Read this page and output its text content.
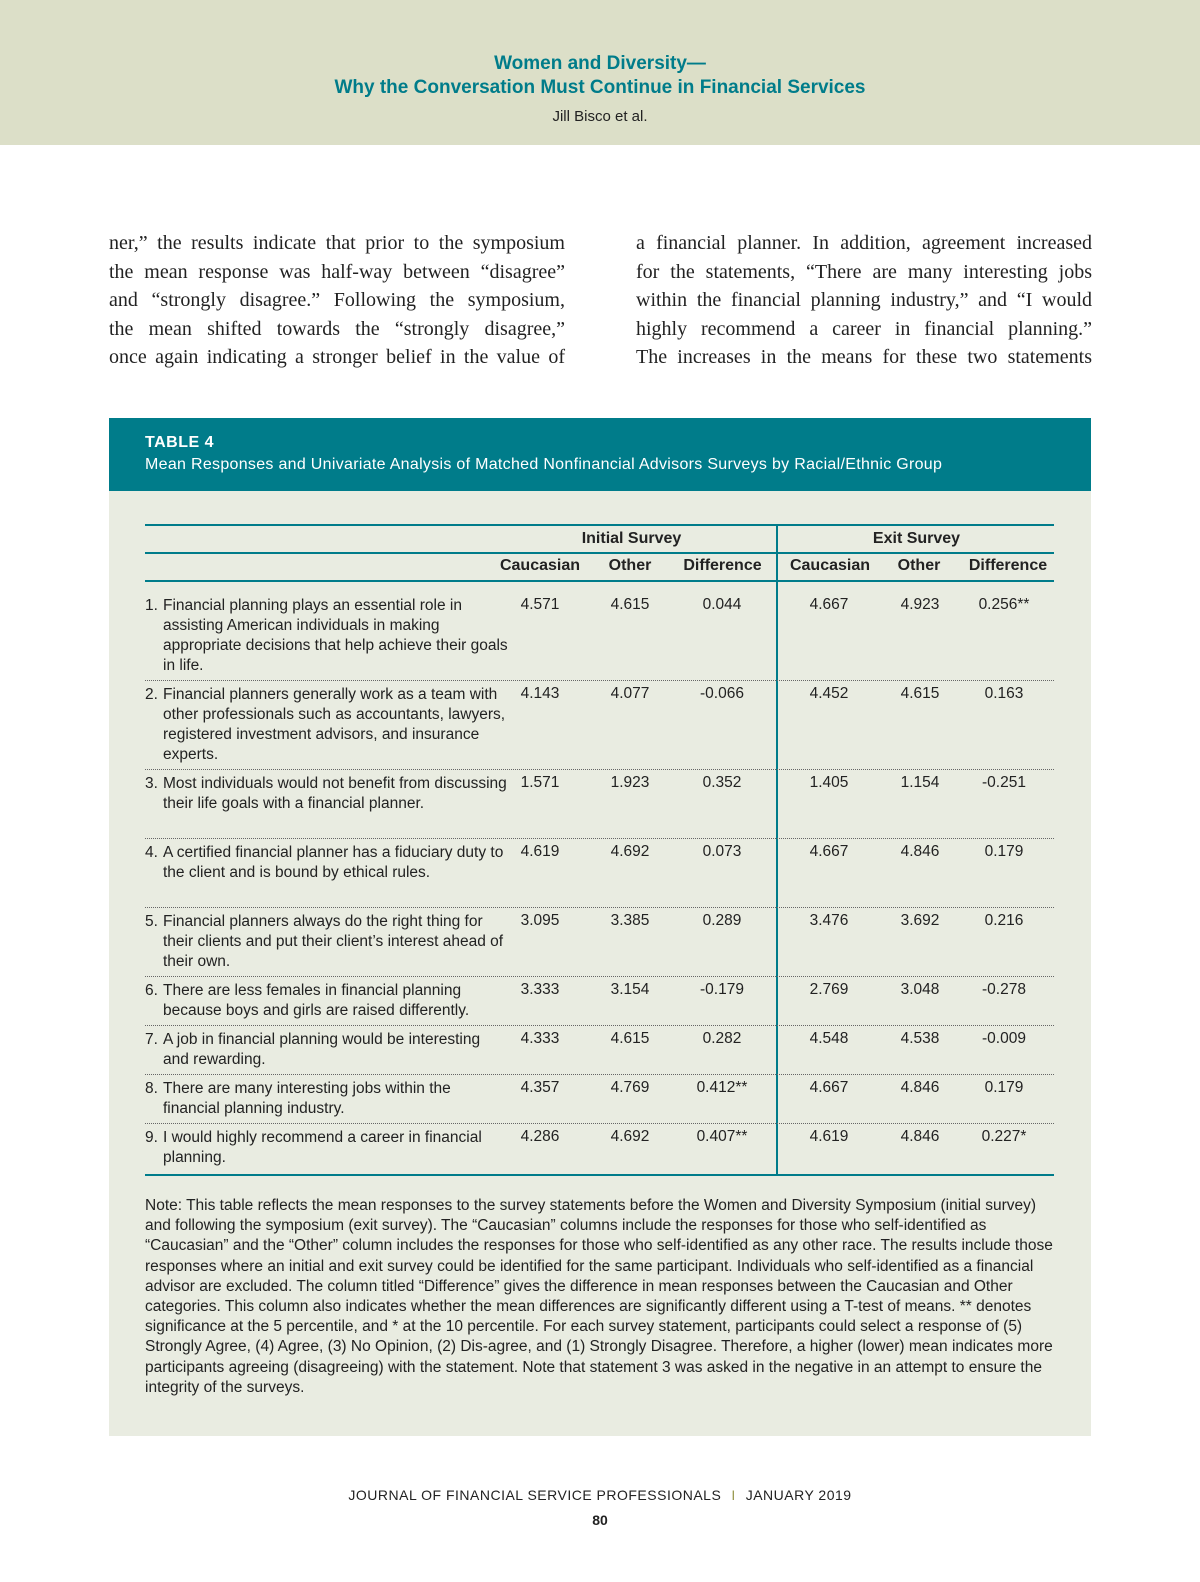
Women and Diversity—
Why the Conversation Must Continue in Financial Services
Jill Bisco et al.
ner,” the results indicate that prior to the symposium
the mean response was half-way between “disagree”
and “strongly disagree.” Following the symposium,
the mean shifted towards the “strongly disagree,”
once again indicating a stronger belief in the value of
a financial planner. In addition, agreement increased
for the statements, “There are many interesting jobs
within the financial planning industry,” and “I would
highly recommend a career in financial planning.”
The increases in the means for these two statements
TABLE 4
Mean Responses and Univariate Analysis of Matched Nonfinancial Advisors Surveys by Racial/Ethnic Group
Initial Survey	Exit Survey
Caucasian	Other	Difference	Caucasian	Other	Difference
1. Financial planning plays an essential role in assisting American individuals in making appropriate decisions that help achieve their goals in life.
4.571	4.615	0.044	4.667	4.923	0.256**
2. Financial planners generally work as a team with other professionals such as accountants, lawyers, registered investment advisors, and insurance experts.
4.143	4.077	-0.066	4.452	4.615	0.163
3. Most individuals would not benefit from discussing their life goals with a financial planner.
1.571	1.923	0.352	1.405	1.154	-0.251
4. A certified financial planner has a fiduciary duty to the client and is bound by ethical rules.
4.619	4.692	0.073	4.667	4.846	0.179
5. Financial planners always do the right thing for their clients and put their client’s interest ahead of their own.
3.095	3.385	0.289	3.476	3.692	0.216
6. There are less females in financial planning because boys and girls are raised differently.
3.333	3.154	-0.179	2.769	3.048	-0.278
7. A job in financial planning would be interesting and rewarding.
4.333	4.615	0.282	4.548	4.538	-0.009
8. There are many interesting jobs within the financial planning industry.
4.357	4.769	0.412**	4.667	4.846	0.179
9. I would highly recommend a career in financial planning.
4.286	4.692	0.407**	4.619	4.846	0.227*
Note: This table reflects the mean responses to the survey statements before the Women and Diversity Symposium (initial survey) and following the symposium (exit survey). The “Caucasian” columns include the responses for those who self-identified as “Caucasian” and the “Other” column includes the responses for those who self-identified as any other race. The results include those responses where an initial and exit survey could be identified for the same participant. Individuals who self-identified as a financial advisor are excluded. The column titled “Difference” gives the difference in mean responses between the Caucasian and Other categories. This column also indicates whether the mean differences are significantly different using a T-test of means. ** denotes significance at the 5 percentile, and * at the 10 percentile. For each survey statement, participants could select a response of (5) Strongly Agree, (4) Agree, (3) No Opinion, (2) Dis-agree, and (1) Strongly Disagree. Therefore, a higher (lower) mean indicates more participants agreeing (disagreeing) with the statement. Note that statement 3 was asked in the negative in an attempt to ensure the integrity of the surveys.
JOURNAL OF FINANCIAL SERVICE PROFESSIONALS I JANUARY 2019
80
